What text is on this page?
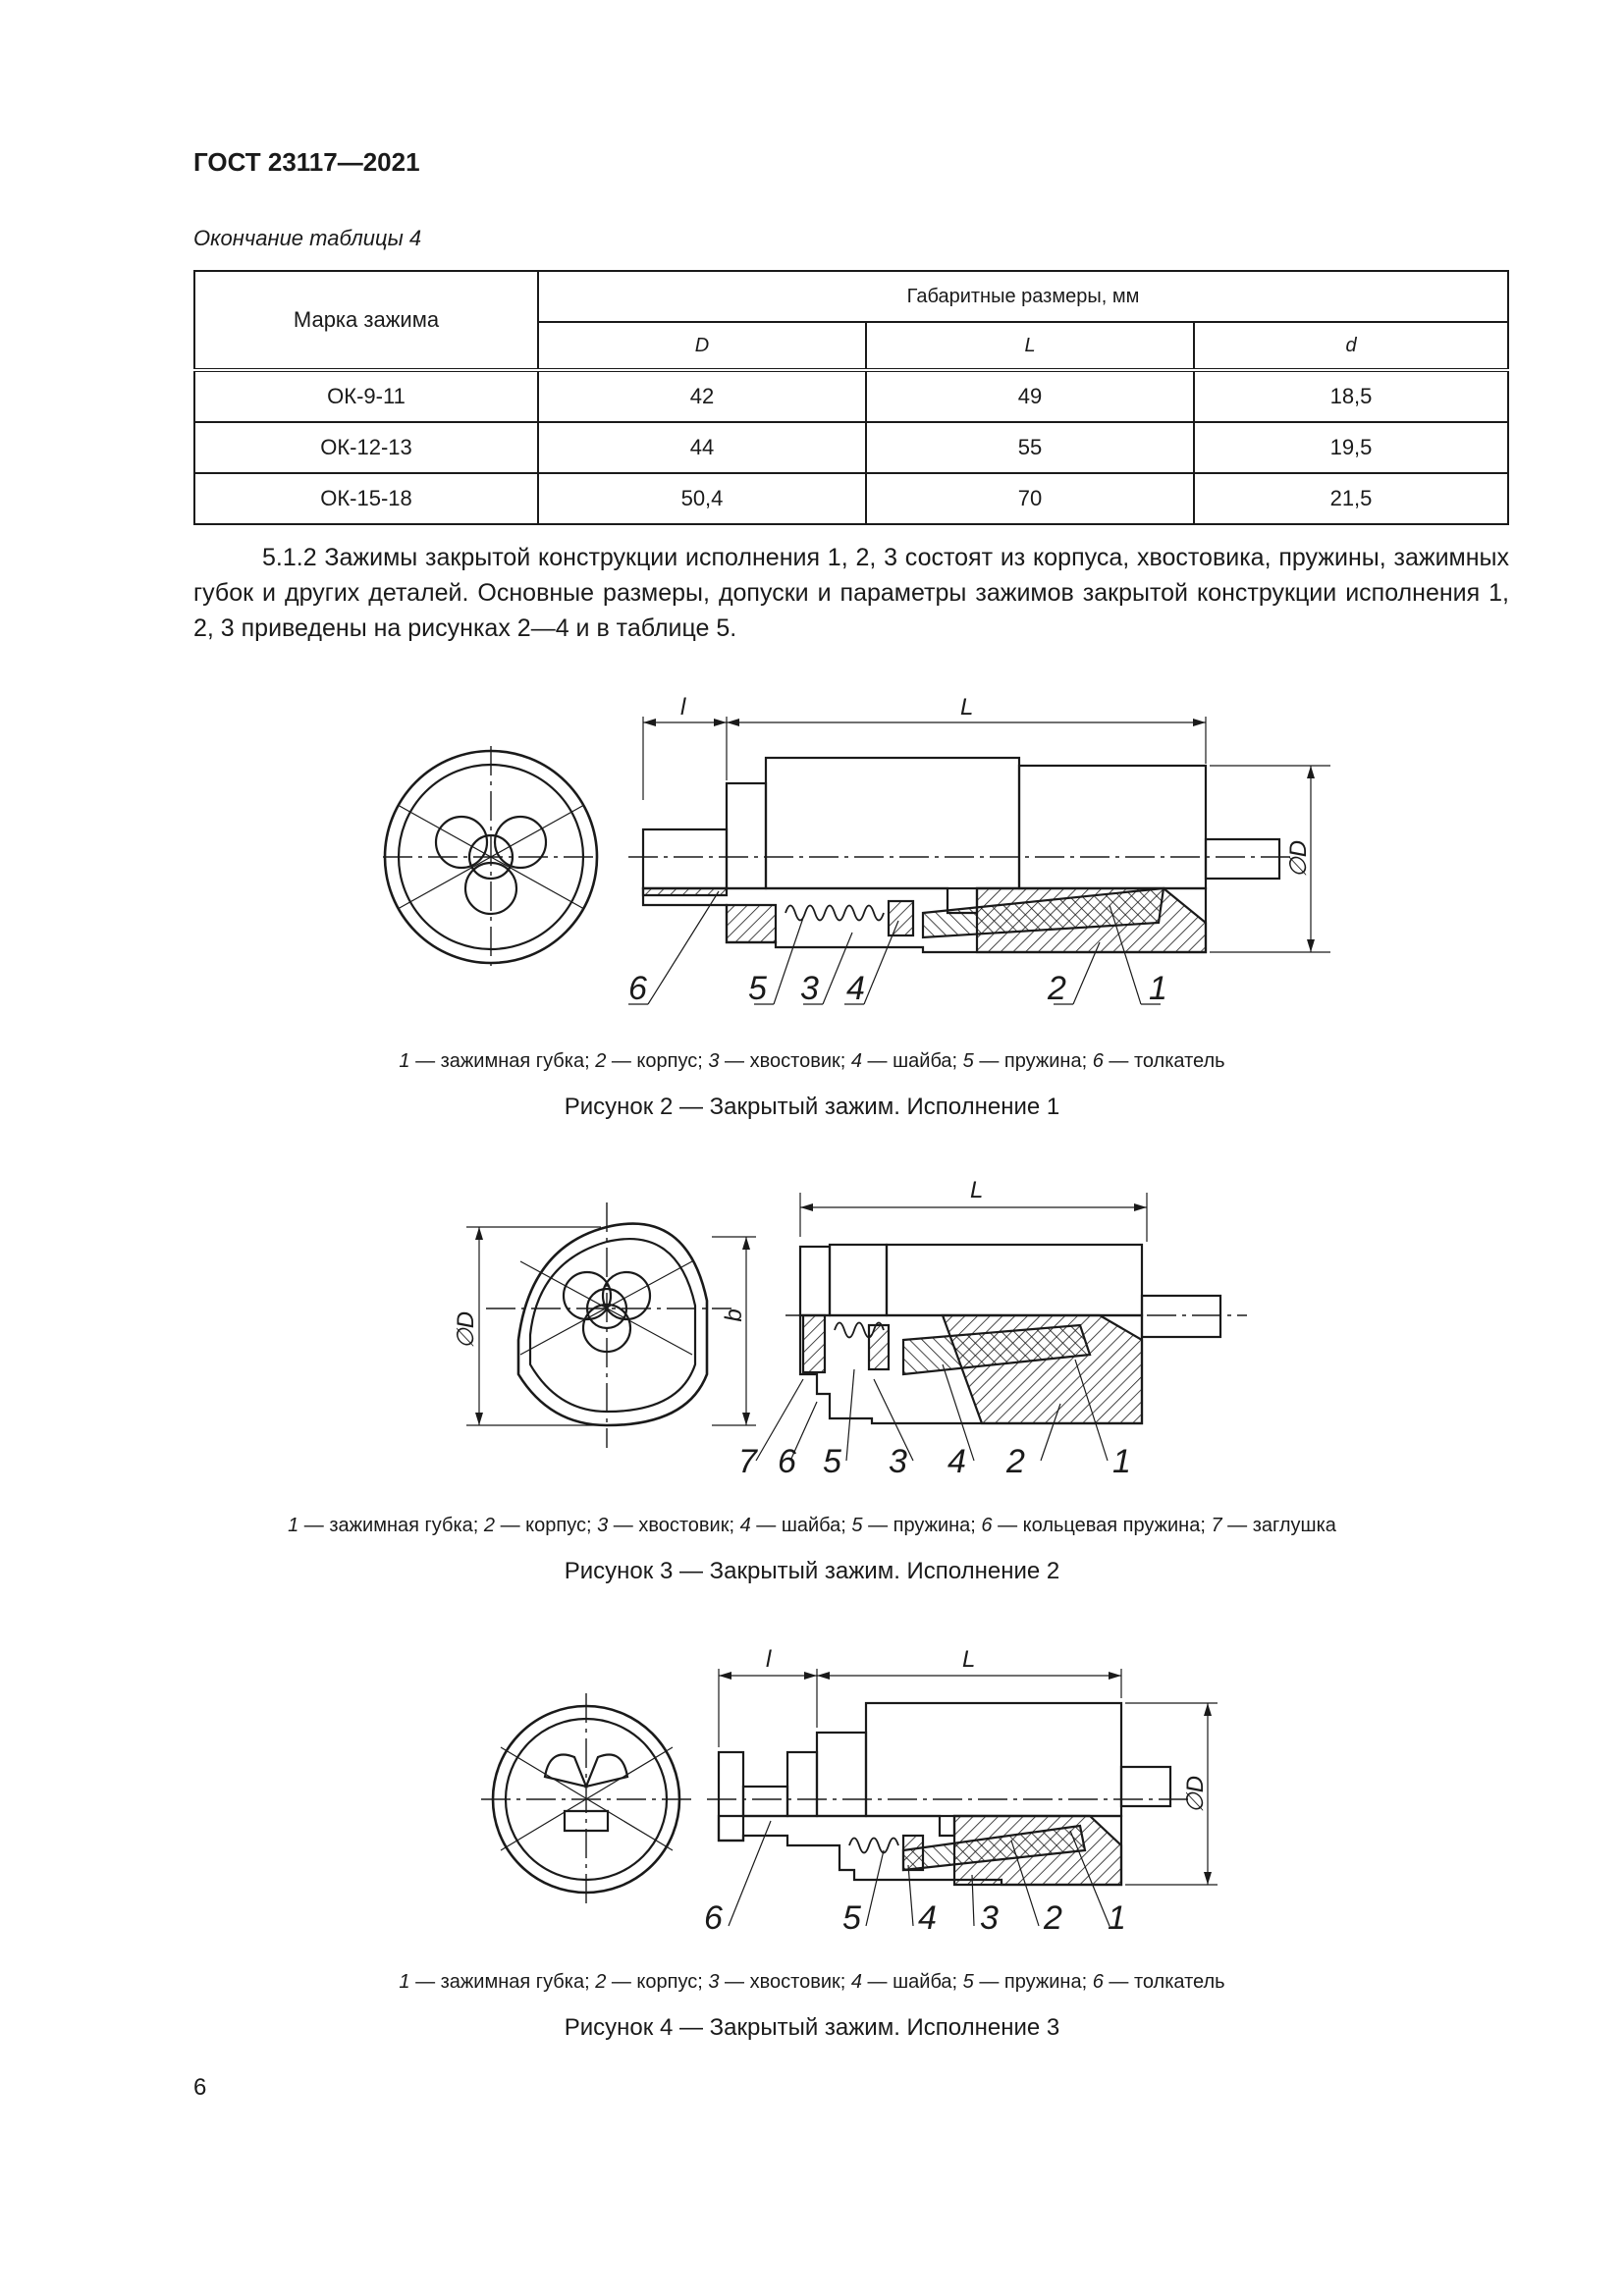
ГОСТ 23117—2021
Окончание таблицы 4
Марка зажима	Габаритные размеры, мм		
	D	L	d
ОК-9-11	42	49	18,5
ОК-12-13	44	55	19,5
ОК-15-18	50,4	70	21,5
5.1.2 Зажимы закрытой конструкции исполнения 1, 2, 3 состоят из корпуса, хвостовика, пружины, зажимных губок и других деталей. Основные размеры, допуски и параметры зажимов закрытой конструкции исполнения 1, 2, 3 приведены на рисунках 2—4 и в таблице 5.
l	L
∅D
6	5 3 4	2 1
1 — зажимная губка; 2 — корпус; 3 — хвостовик; 4 — шайба; 5 — пружина; 6 — толкатель
Рисунок 2 — Закрытый зажим. Исполнение 1
L
∅D	b
7 6 5 3 4 2	1
1 — зажимная губка; 2 — корпус; 3 — хвостовик; 4 — шайба; 5 — пружина; 6 — кольцевая пружина; 7 — заглушка
Рисунок 3 — Закрытый зажим. Исполнение 2
l	L
∅D
6	5 4 3 2 1
1 — зажимная губка; 2 — корпус; 3 — хвостовик; 4 — шайба; 5 — пружина; 6 — толкатель
Рисунок 4 — Закрытый зажим. Исполнение 3
6
